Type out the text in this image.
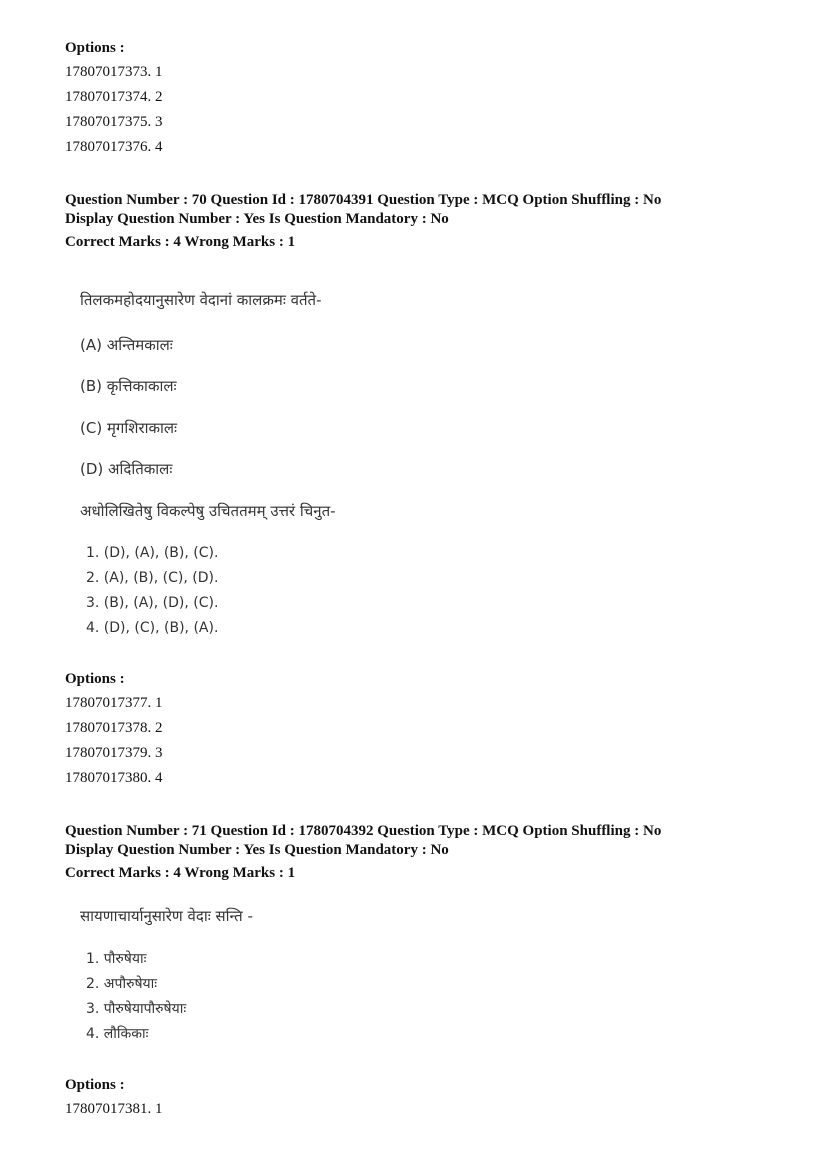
Options :
17807017373. 1
17807017374. 2
17807017375. 3
17807017376. 4
Question Number : 70 Question Id : 1780704391 Question Type : MCQ Option Shuffling : No
Display Question Number : Yes Is Question Mandatory : No
Correct Marks : 4 Wrong Marks : 1
तिलकमहोदयानुसारेण वेदानां कालक्रमः वर्तते-
(A) अन्तिमकालः
(B) कृत्तिकाकालः
(C) मृगशिराकालः
(D) अदितिकालः
अधोलिखितेषु विकल्पेषु उचिततमम् उत्तरं चिनुत-
1. (D), (A), (B), (C).
2. (A), (B), (C), (D).
3. (B), (A), (D), (C).
4. (D), (C), (B), (A).
Options :
17807017377. 1
17807017378. 2
17807017379. 3
17807017380. 4
Question Number : 71 Question Id : 1780704392 Question Type : MCQ Option Shuffling : No
Display Question Number : Yes Is Question Mandatory : No
Correct Marks : 4 Wrong Marks : 1
सायणाचार्यानुसारेण वेदाः सन्ति -
1. पौरुषेयाः
2. अपौरुषेयाः
3. पौरुषेयापौरुषेयाः
4. लौकिकाः
Options :
17807017381. 1
